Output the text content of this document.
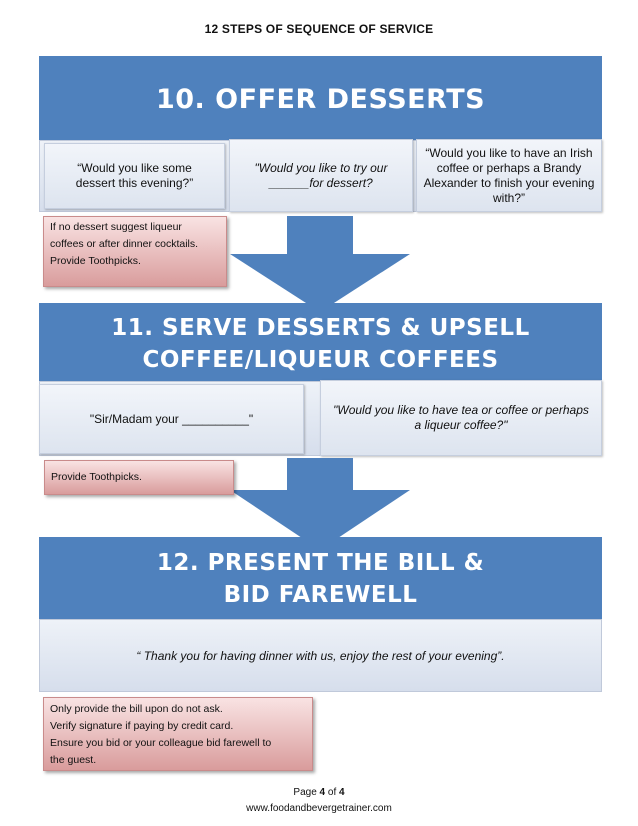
12 STEPS OF SEQUENCE OF SERVICE
10. OFFER DESSERTS
“Would you like some dessert this evening?”
"Would you like to try our ______for dessert?
“Would you like to have an Irish coffee or perhaps a Brandy Alexander to finish your evening with?”
If no dessert suggest liqueur
coffees or after dinner cocktails.
Provide Toothpicks.
11. SERVE DESSERTS & UPSELL
COFFEE/LIQUEUR COFFEES
"Sir/Madam your __________"
"Would you like to have tea or coffee or perhaps a liqueur coffee?"
Provide Toothpicks.
12. PRESENT THE BILL &
BID FAREWELL
“ Thank you for having dinner with us, enjoy the rest of your evening”.
Only provide the bill upon do not ask.
Verify signature if paying by credit card.
Ensure you bid or your colleague bid farewell to
the guest.
Page 4 of 4
www.foodandbevergetrainer.com
